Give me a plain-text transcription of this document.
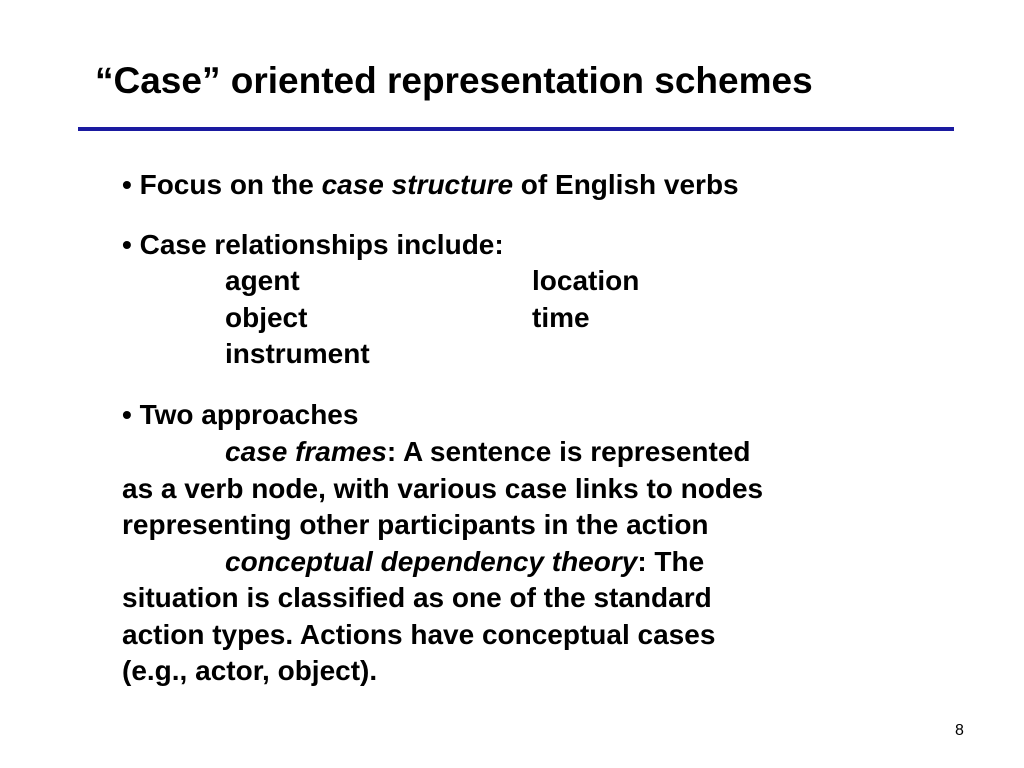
“Case” oriented representation schemes
• Focus on the case structure of English verbs
• Case relationships include:
agent	location
object	time
instrument
• Two approaches
case frames: A sentence is represented
as a verb node, with various case links to nodes
representing other participants in the action
conceptual dependency theory: The
situation is classified as one of the standard
action types. Actions have conceptual cases
(e.g., actor, object).
8
